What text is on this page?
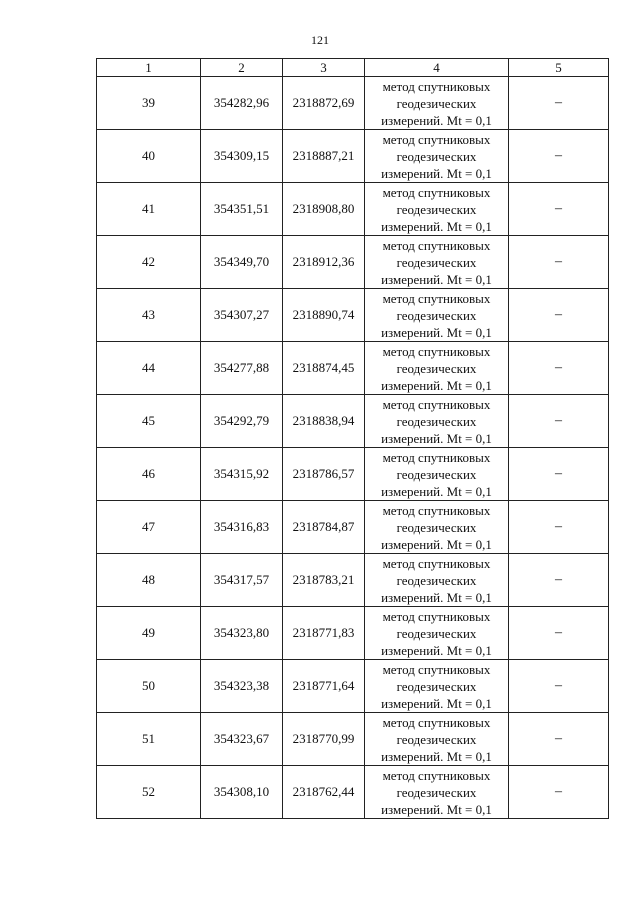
121
1	2	3	4	5
39	354282,96	2318872,69	метод спутниковых
геодезических
измерений. Mt = 0,1	–
40	354309,15	2318887,21	метод спутниковых
геодезических
измерений. Mt = 0,1	–
41	354351,51	2318908,80	метод спутниковых
геодезических
измерений. Mt = 0,1	–
42	354349,70	2318912,36	метод спутниковых
геодезических
измерений. Mt = 0,1	–
43	354307,27	2318890,74	метод спутниковых
геодезических
измерений. Mt = 0,1	–
44	354277,88	2318874,45	метод спутниковых
геодезических
измерений. Mt = 0,1	–
45	354292,79	2318838,94	метод спутниковых
геодезических
измерений. Mt = 0,1	–
46	354315,92	2318786,57	метод спутниковых
геодезических
измерений. Mt = 0,1	–
47	354316,83	2318784,87	метод спутниковых
геодезических
измерений. Mt = 0,1	–
48	354317,57	2318783,21	метод спутниковых
геодезических
измерений. Mt = 0,1	–
49	354323,80	2318771,83	метод спутниковых
геодезических
измерений. Mt = 0,1	–
50	354323,38	2318771,64	метод спутниковых
геодезических
измерений. Mt = 0,1	–
51	354323,67	2318770,99	метод спутниковых
геодезических
измерений. Mt = 0,1	–
52	354308,10	2318762,44	метод спутниковых
геодезических
измерений. Mt = 0,1	–
